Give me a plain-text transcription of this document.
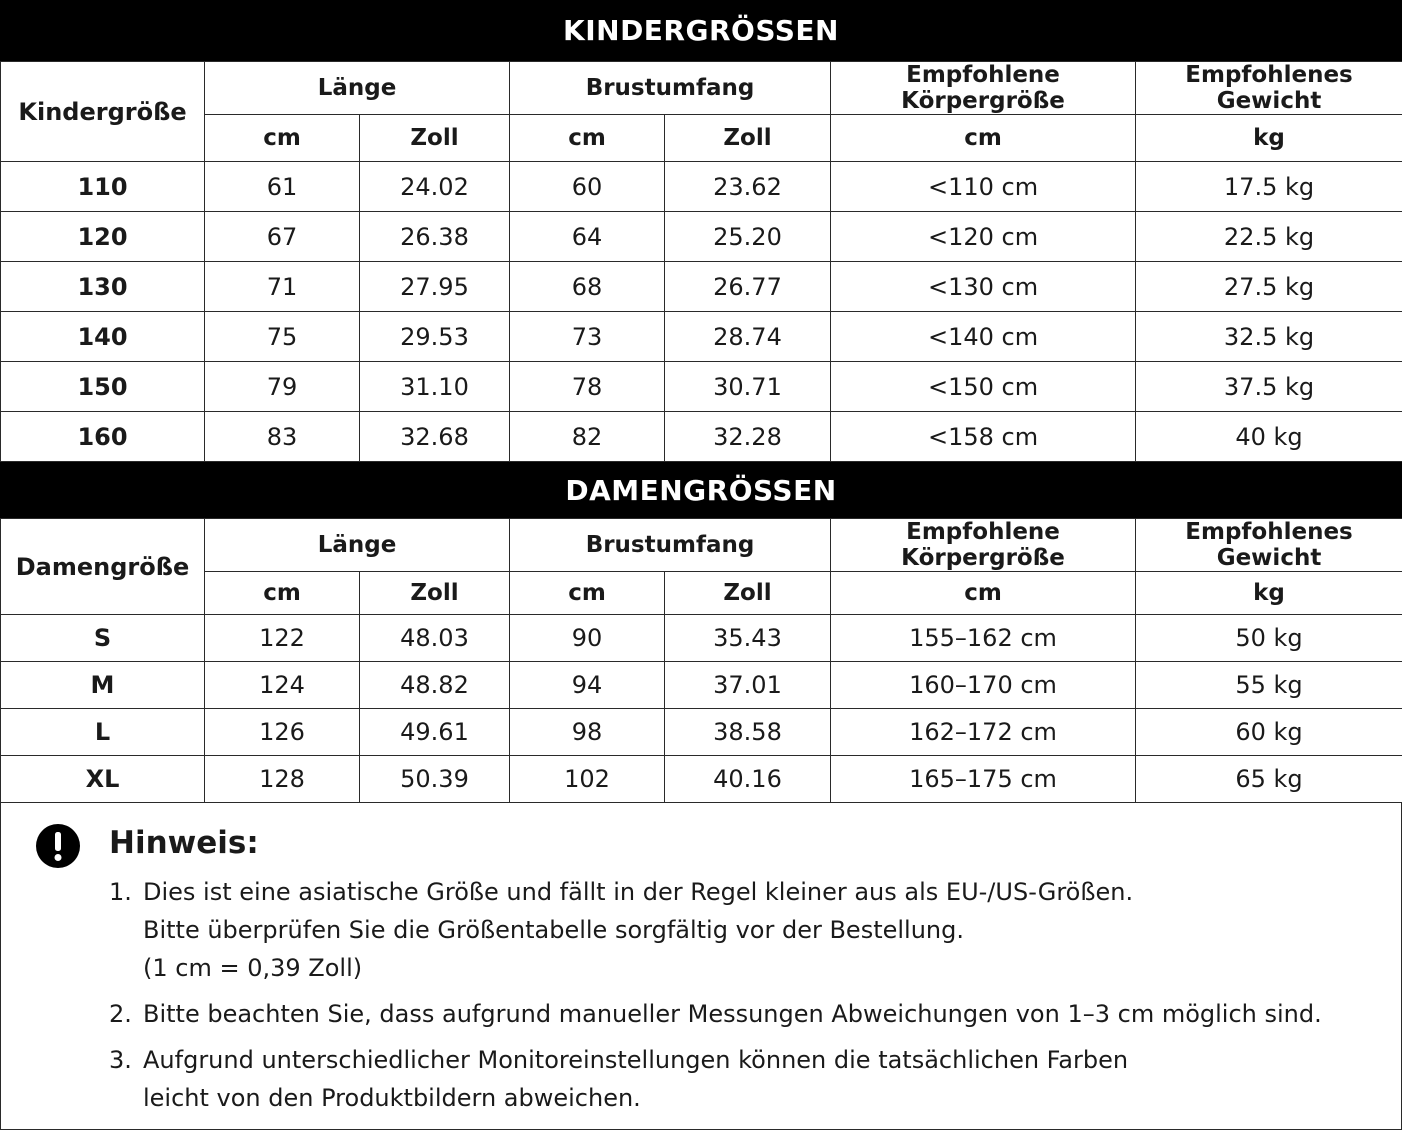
KINDERGRÖSSEN
Kindergröße	Länge		Brustumfang		Empfohlene Körpergröße	Empfohlenes Gewicht
	cm	Zoll	cm	Zoll	cm	kg
110	61	24.02	60	23.62	<110 cm	17.5 kg
120	67	26.38	64	25.20	<120 cm	22.5 kg
130	71	27.95	68	26.77	<130 cm	27.5 kg
140	75	29.53	73	28.74	<140 cm	32.5 kg
150	79	31.10	78	30.71	<150 cm	37.5 kg
160	83	32.68	82	32.28	<158 cm	40 kg
DAMENGRÖSSEN
Damengröße	Länge		Brustumfang		Empfohlene Körpergröße	Empfohlenes Gewicht
	cm	Zoll	cm	Zoll	cm	kg
S	122	48.03	90	35.43	155–162 cm	50 kg
M	124	48.82	94	37.01	160–170 cm	55 kg
L	126	49.61	98	38.58	162–172 cm	60 kg
XL	128	50.39	102	40.16	165–175 cm	65 kg
Hinweis:
1. Dies ist eine asiatische Größe und fällt in der Regel kleiner aus als EU-/US-Größen.
Bitte überprüfen Sie die Größentabelle sorgfältig vor der Bestellung.
(1 cm = 0,39 Zoll)
2. Bitte beachten Sie, dass aufgrund manueller Messungen Abweichungen von 1–3 cm möglich sind.
3. Aufgrund unterschiedlicher Monitoreinstellungen können die tatsächlichen Farben
leicht von den Produktbildern abweichen.
